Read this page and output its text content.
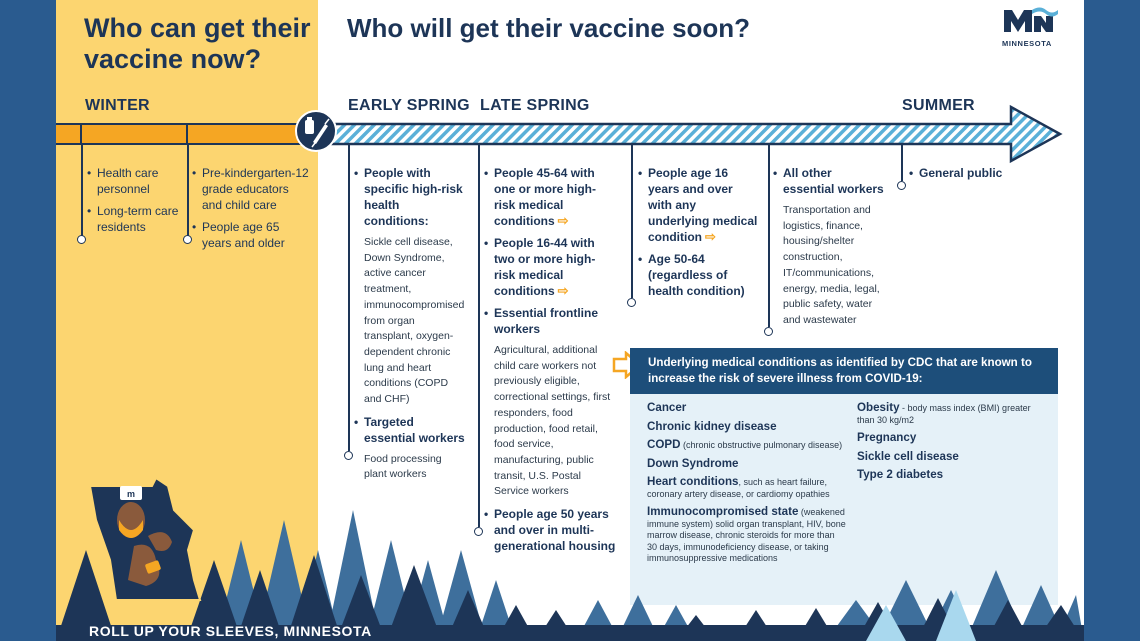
Who can get their
vaccine now?
Who will get their vaccine soon?
MINNESOTA
WINTER	EARLY SPRING LATE SPRING	SUMMER
• Health care personnel
• Long-term care residents
• Pre-kindergarten-12 grade educators and child care
• People age 65 years and older
• People with specific high-risk health conditions:
Sickle cell disease, Down Syndrome, active cancer treatment, immunocompromised from organ transplant, oxygen-dependent chronic lung and heart conditions (COPD and CHF)
• Targeted essential workers
Food processing plant workers
• People 45-64 with one or more high-risk medical conditions ⇨
• People 16-44 with two or more high-risk medical conditions ⇨
• Essential frontline workers
Agricultural, additional child care workers not previously eligible, correctional settings, first responders, food production, food retail, food service, manufacturing, public transit, U.S. Postal Service workers
• People age 50 years and over in multi-generational housing
• People age 16 years and over with any underlying medical condition ⇨
• Age 50-64 (regardless of health condition)
• All other essential workers
Transportation and logistics, finance, housing/shelter construction, IT/communications, energy, media, legal, public safety, water and wastewater
• General public
Underlying medical conditions as identified by CDC that are known to increase the risk of severe illness from COVID-19:
Cancer
Chronic kidney disease
COPD (chronic obstructive pulmonary disease)
Down Syndrome
Heart conditions, such as heart failure, coronary artery disease, or cardiomy opathies
Immunocompromised state (weakened immune system) solid organ transplant, HIV, bone marrow disease, chronic steroids for more than 30 days, immunodeficiency disease, or taking immunosuppressive medications
Obesity - body mass index (BMI) greater than 30 kg/m2
Pregnancy
Sickle cell disease
Type 2 diabetes
m
ROLL UP YOUR SLEEVES, MINNESOTA
